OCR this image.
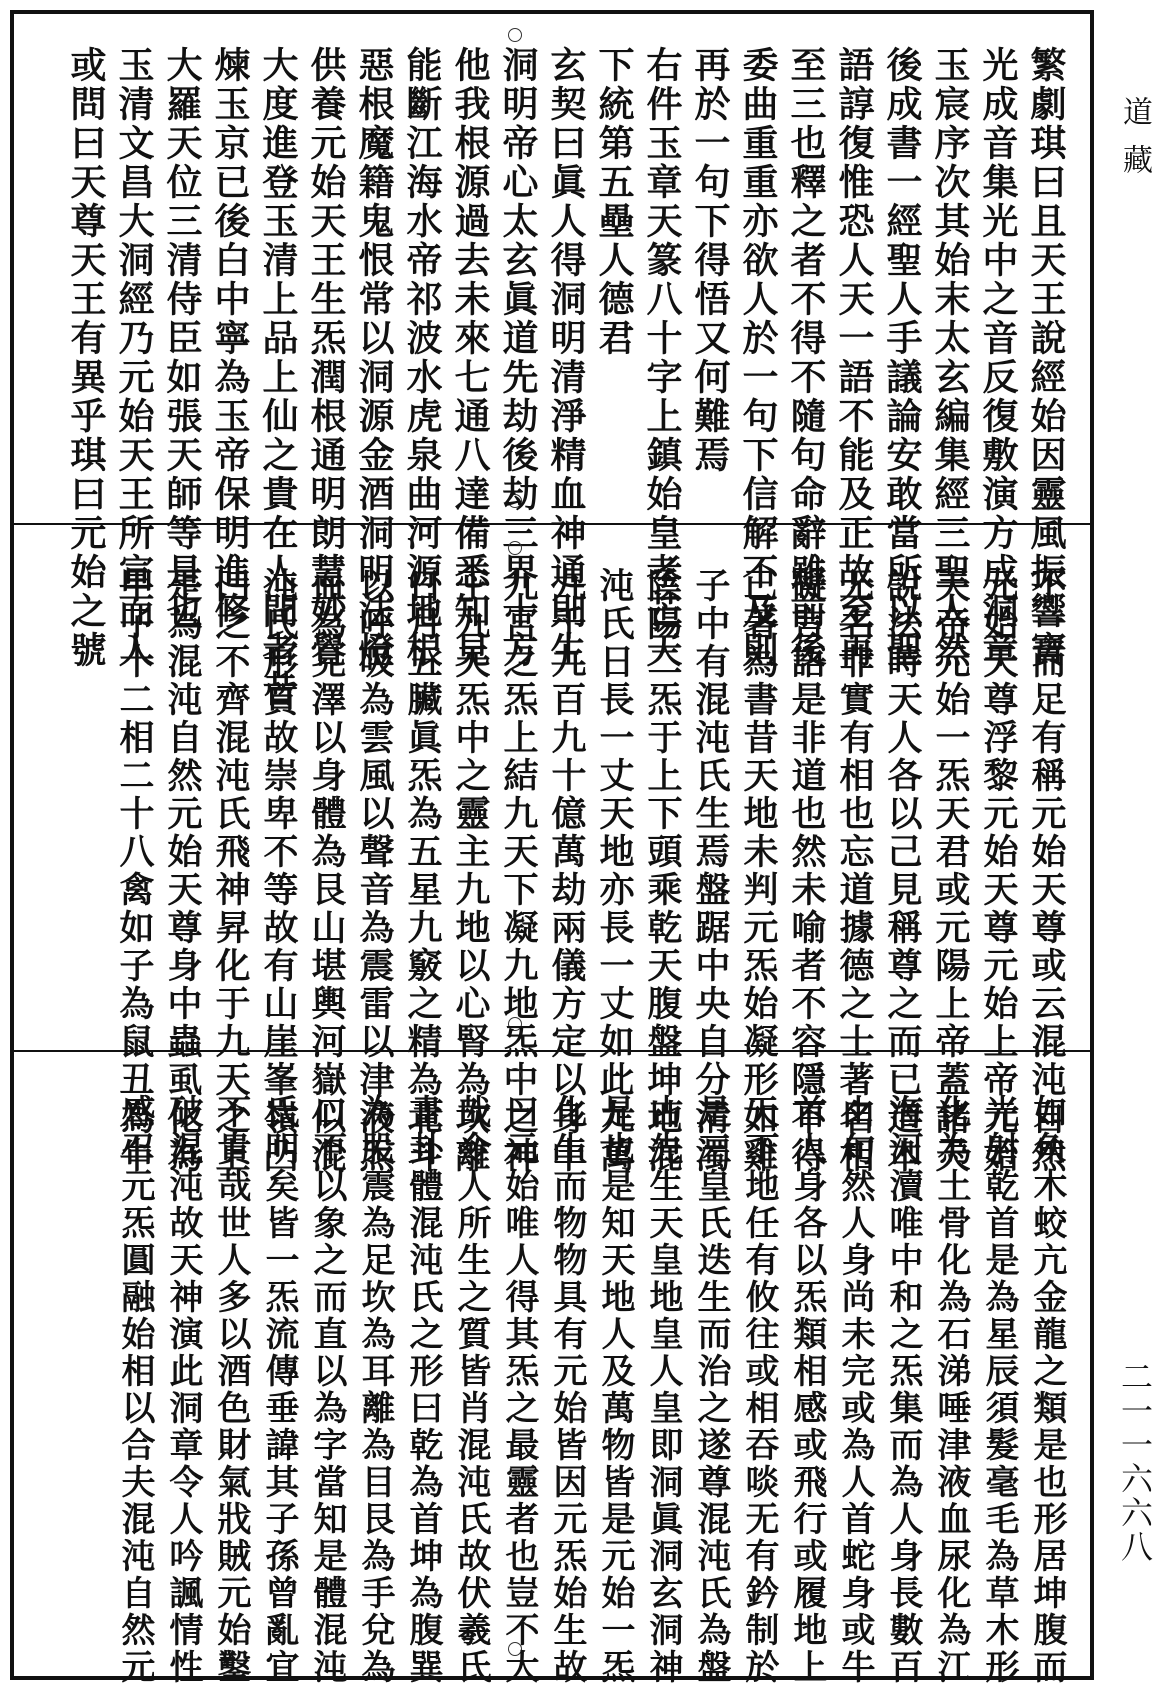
繁劇琪曰且天王說經始因靈風振響寶
光成音集光中之音反復敷演方成洞章
玉宸序次其始末太玄編集經三聖人然
後成書一經聖人手議論安敢當所以聖
語諄復惟恐人天一語不能及正故至再
至三也釋之者不得不隨句命辭雖前後
委曲重重亦欲人於一句下信解不及則
再於一句下得悟又何難焉
右件玉章天篆八十字上鎮始皇孝芒天
下統第五壘人德君
玄契曰眞人得洞明清淨精血神通則生
洞明帝心太玄眞道先劫後劫三界十方
他我根源過去未來七通八達備悉知見
能斷江海水帝祁波水虎泉曲河源地根
惡根魔籍鬼恨常以洞源金酒洞明法燈
供養元始天王生炁潤根通明朗慧妙覺
大度進登玉清上品上仙之貴在人間者昔
煉玉京已後白中寧為玉帝保明進修
大羅天位三清侍臣如張天師等是也
玉清文昌大洞經乃元始天王所宣而人
或問曰天尊天王有異乎琪曰元始之號
不一而足有稱元始天尊或云混沌自然
元始天尊浮黎元始天尊元始上帝元始
天帝元始一炁天君或元陽上帝蓋諸天
說法時天人各以己見稱尊之而已道本
无名非實有相也忘道據德之士著名相
礙言語是非道也然未喻者不容隱不得
已著為書昔天地未判元炁始凝形如雞
子中有混沌氏生焉盤踞中央自分清濁
陰陽二炁于上下頭乘乾天腹盤坤地混
沌氏日長一丈天地亦長一丈如此九萬
九千九百九十億萬劫兩儀方定以身中
九宮之炁上結九天下凝九地炁中之神
王九天炁中之靈主九地以心腎為坎離
日月五臟眞炁為五星九竅之精為北斗
以呼吸為雲風以聲音為震雷以津液炁
血為兌澤以身體為艮山堪輿河嶽似混
沌氏形質故崇卑不等故有山崖峯嶺凸
凹之不齊混沌氏飛神昇化于九天之上
是為混沌自然元始天尊身中蟲虱化為
甲子十二相二十八禽如子為鼠丑為牛
如角木蛟亢金龍之類是也形居坤腹而
光射乾首是為星辰須髮毫毛為草木形
化為土骨化為石涕唾津液血尿化為江
海河瀆唯中和之炁集而為人身長數百
由旬然人身尚未完或為人首蛇身或牛
首人身各以炁類相感或飛行或履地上
天下地任有攸往或相吞啖无有鈐制於
是三皇氏迭生而治之遂尊混沌氏為盤
古先生天皇地皇人皇即洞眞洞玄洞神
是也是知天地人及萬物皆是元始一炁
化生而物物具有元始皆因元炁始生故
曰元始唯人得其炁之最靈者也豈不大
哉令人所生之質皆肖混沌氏故伏羲氏
畫卦體混沌氏之形曰乾為首坤為腹巽
為股震為足坎為耳離為目艮為手兌為
口不以象之而直以為字當知是體混沌
氏明矣皆一炁流傳垂諱其子孫曾亂宜
不貴哉世人多以酒色財氣戕賊元始鑿
破混沌故天神演此洞章令人吟諷情性
感召元炁圓融始相以合夫混沌自然元
道藏
二一一六六八
